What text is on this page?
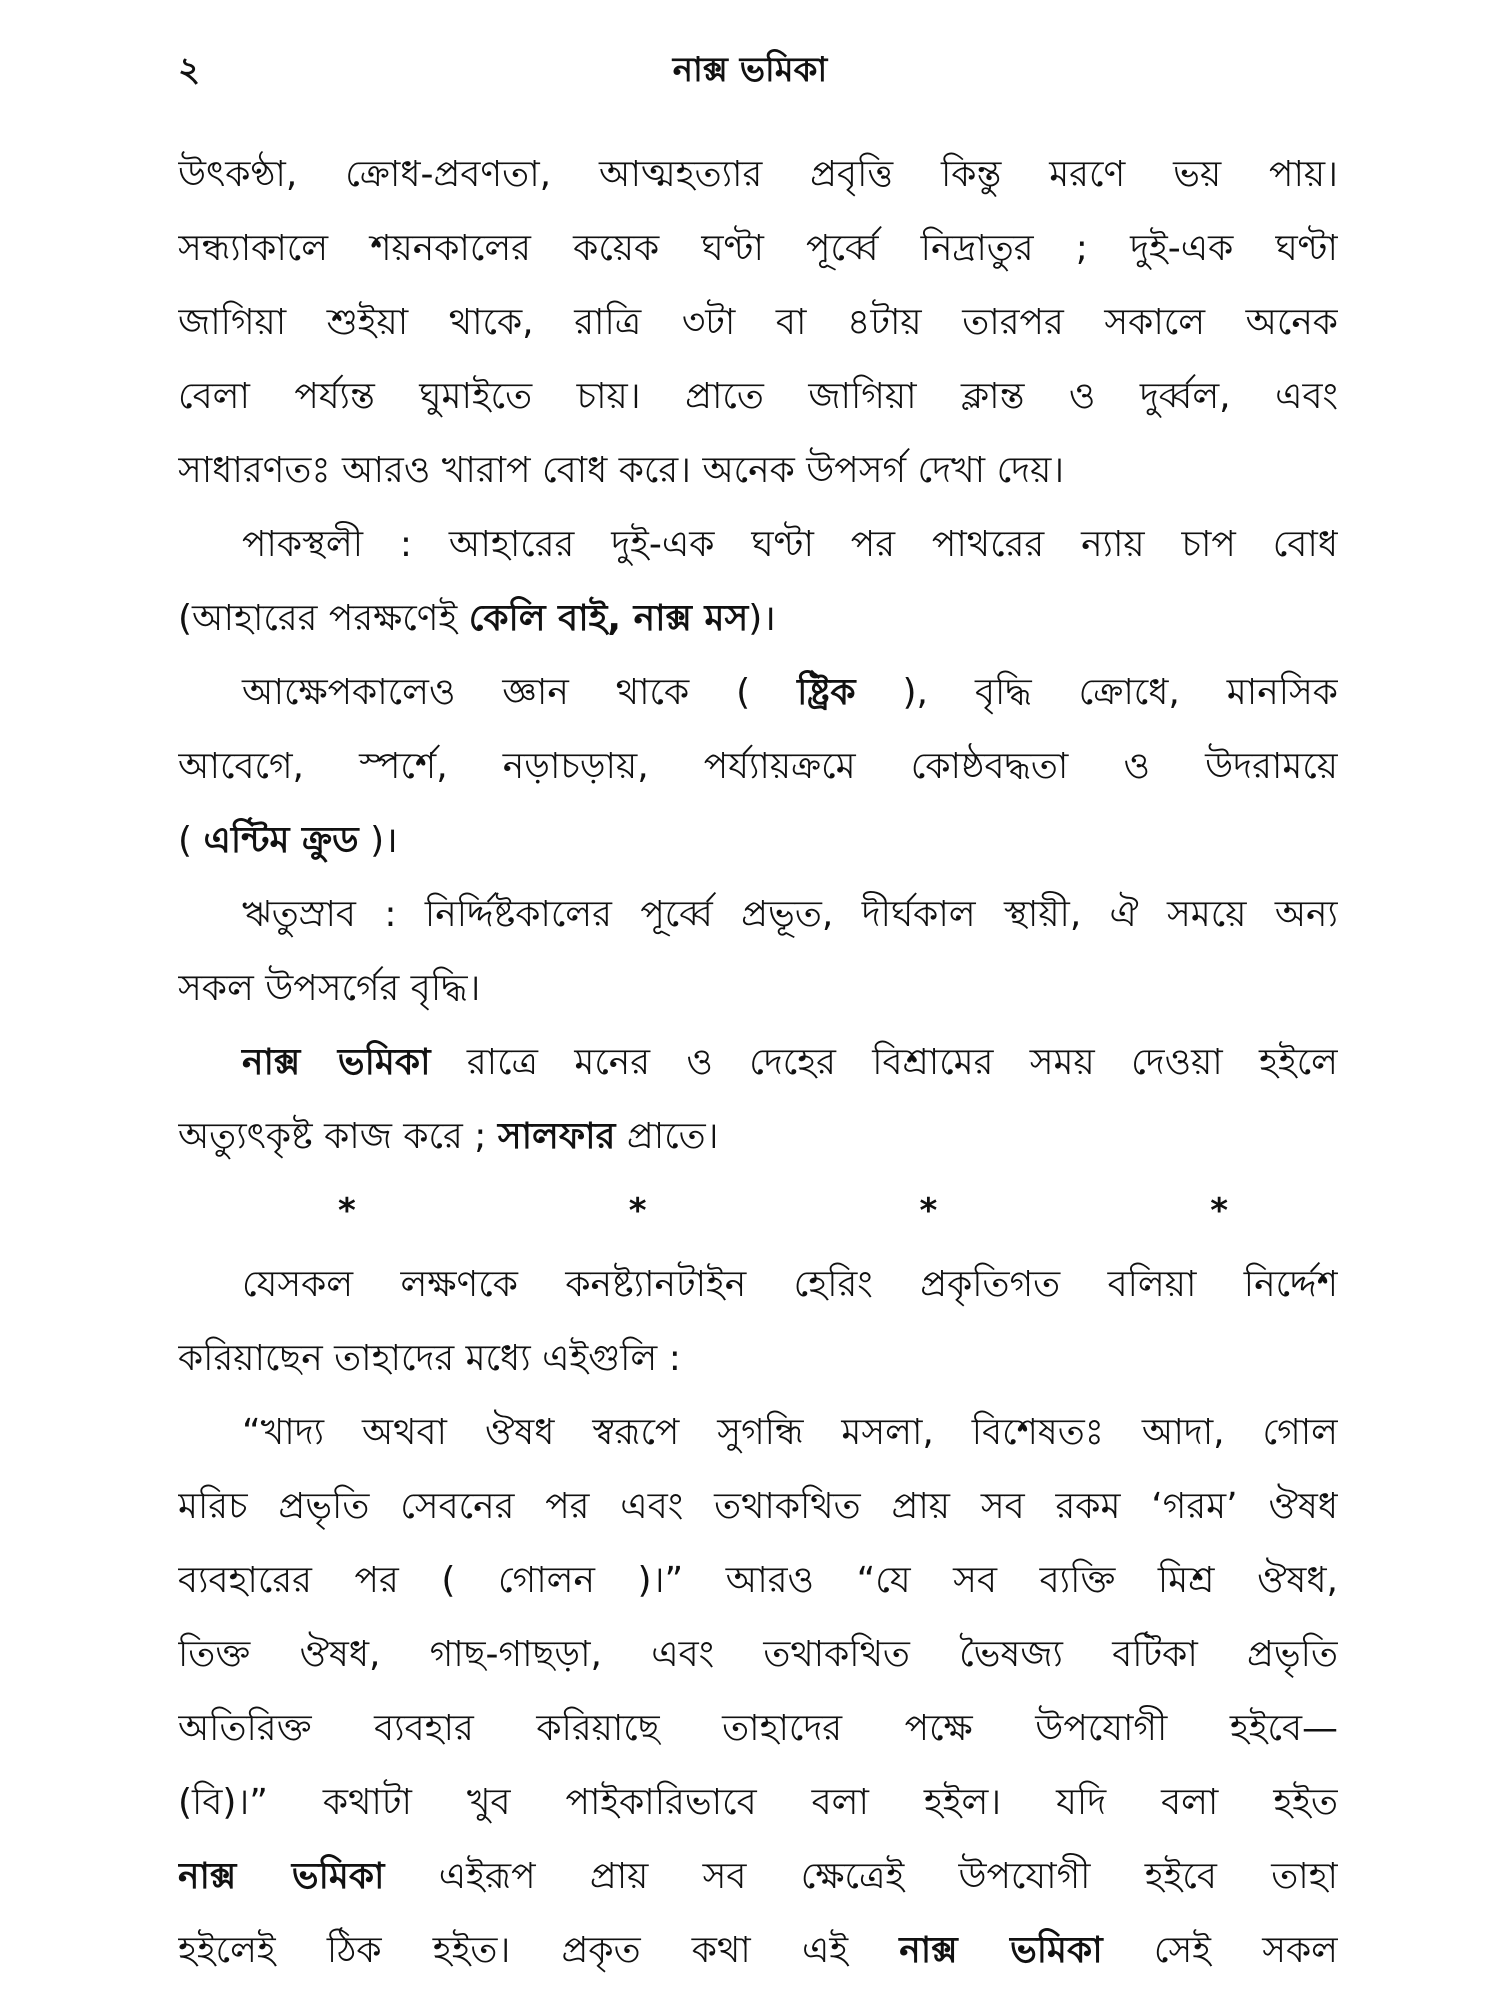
২	নাক্স ভমিকা
উৎকণ্ঠা, ক্রোধ-প্রবণতা, আত্মহত্যার প্রবৃত্তি কিন্তু মরণে ভয় পায়।
সন্ধ্যাকালে শয়নকালের কয়েক ঘণ্টা পূর্ব্বে নিদ্রাতুর ; দুই-এক ঘণ্টা
জাগিয়া শুইয়া থাকে, রাত্রি ৩টা বা ৪টায় তারপর সকালে অনেক
বেলা পর্য্যন্ত ঘুমাইতে চায়। প্রাতে জাগিয়া ক্লান্ত ও দুর্ব্বল, এবং
সাধারণতঃ আরও খারাপ বোধ করে। অনেক উপসর্গ দেখা দেয়।
পাকস্থলী : আহারের দুই-এক ঘণ্টা পর পাথরের ন্যায় চাপ বোধ
(আহারের পরক্ষণেই কেলি বাই, নাক্স মস)।
আক্ষেপকালেও জ্ঞান থাকে ( ষ্ট্রিক ), বৃদ্ধি ক্রোধে, মানসিক
আবেগে, স্পর্শে, নড়াচড়ায়, পর্য্যায়ক্রমে কোষ্ঠবদ্ধতা ও উদরাময়ে
( এন্টিম ক্রুড )।
ঋতুস্রাব : নির্দ্দিষ্টকালের পূর্ব্বে প্রভূত, দীর্ঘকাল স্থায়ী, ঐ সময়ে অন্য
সকল উপসর্গের বৃদ্ধি।
নাক্স ভমিকা রাত্রে মনের ও দেহের বিশ্রামের সময় দেওয়া হইলে
অত্যুৎকৃষ্ট কাজ করে ; সালফার প্রাতে।
*	*	*	*
যেসকল লক্ষণকে কনষ্ট্যানটাইন হেরিং প্রকৃতিগত বলিয়া নির্দ্দেশ
করিয়াছেন তাহাদের মধ্যে এইগুলি :
“খাদ্য অথবা ঔষধ স্বরূপে সুগন্ধি মসলা, বিশেষতঃ আদা, গোল
মরিচ প্রভৃতি সেবনের পর এবং তথাকথিত প্রায় সব রকম ‘গরম’ ঔষধ
ব্যবহারের পর ( গোলন )।” আরও “যে সব ব্যক্তি মিশ্র ঔষধ,
তিক্ত ঔষধ, গাছ-গাছড়া, এবং তথাকথিত ভৈষজ্য বটিকা প্রভৃতি
অতিরিক্ত ব্যবহার করিয়াছে তাহাদের পক্ষে উপযোগী হইবে—
(বি)।” কথাটা খুব পাইকারিভাবে বলা হইল। যদি বলা হইত
নাক্স ভমিকা এইরূপ প্রায় সব ক্ষেত্রেই উপযোগী হইবে তাহা
হইলেই ঠিক হইত। প্রকৃত কথা এই নাক্স ভমিকা সেই সকল
